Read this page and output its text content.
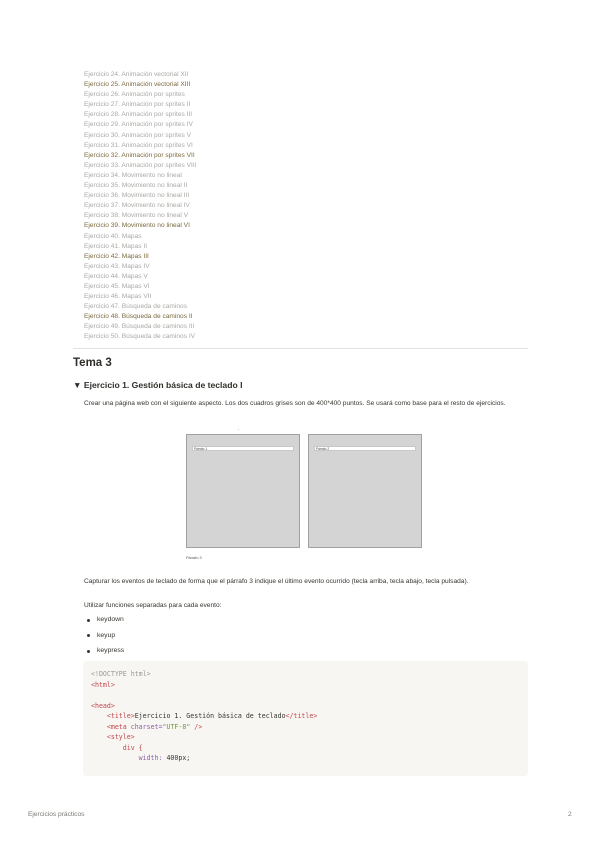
Ejercicio 24. Animación vectorial XII
Ejercicio 25. Animación vectorial XIII
Ejercicio 26. Animación por sprites
Ejercicio 27. Animación por sprites II
Ejercicio 28. Animación por sprites III
Ejercicio 29. Animación por sprites IV
Ejercicio 30. Animación por sprites V
Ejercicio 31. Animación por sprites VI
Ejercicio 32. Animación por sprites VII
Ejercicio 33. Animación por sprites VIII
Ejercicio 34. Movimiento no lineal
Ejercicio 35. Movimiento no lineal II
Ejercicio 36. Movimiento no lineal III
Ejercicio 37. Movimiento no lineal IV
Ejercicio 38. Movimiento no lineal V
Ejercicio 39. Movimiento no lineal VI
Ejercicio 40. Mapas
Ejercicio 41. Mapas II
Ejercicio 42. Mapas III
Ejercicio 43. Mapas IV
Ejercicio 44. Mapas V
Ejercicio 45. Mapas VI
Ejercicio 46. Mapas VII
Ejercicio 47. Búsqueda de caminos
Ejercicio 48. Búsqueda de caminos II
Ejercicio 49. Búsqueda de caminos III
Ejercicio 50. Búsqueda de caminos IV
Tema 3
▼ Ejercicio 1. Gestión básica de teclado I
Crear una página web con el siguiente aspecto. Los dos cuadros grises son de 400*400 puntos. Se usará como base para el resto de ejercicios.
.
Párrafo 1	Párrafo 2
Párrafo 3
Capturar los eventos de teclado de forma que el párrafo 3 indique el último evento ocurrido (tecla arriba, tecla abajo, tecla pulsada).
Utilizar funciones separadas para cada evento:
keydown
keyup
keypress
<!DOCTYPE html>
<html>

<head>
<title>Ejercicio 1. Gestión básica de teclado</title>
<meta charset="UTF-8" />
<style>
div {
width: 400px;
Ejercicios prácticos	2
